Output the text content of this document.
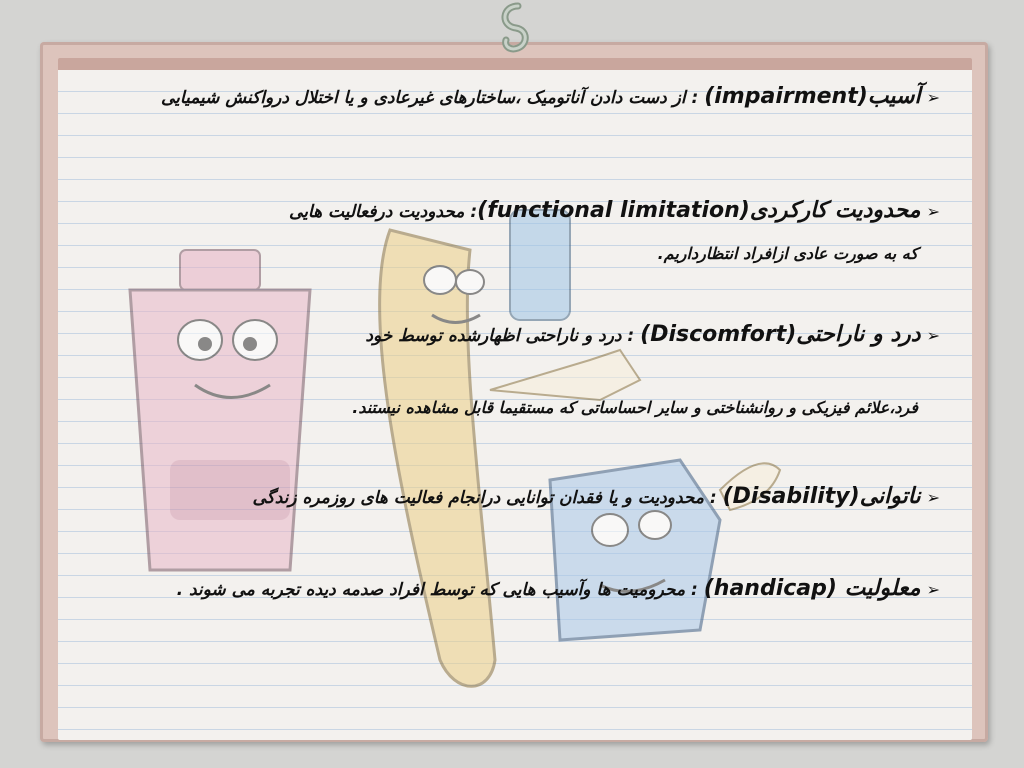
➢آسیب(impairment) : از دست دادن آناتومیک ،ساختارهای غیرعادی و یا اختلال درواکنش شیمیایی
➢محدودیت کارکردی(functional limitation): محدودیت درفعالیت هایی
که به صورت عادی ازافراد انتظارداریم.
➢درد و ناراحتی(Discomfort) : درد و ناراحتی اظهارشده توسط خود
فرد،علائم فیزیکی و روانشناختی و سایر احساساتی که مستقیما قابل مشاهده نیستند.
➢ناتوانی(Disability) : محدودیت و یا فقدان توانایی درانجام فعالیت های روزمره زندگی
➢معلولیت (handicap) : محرومیت ها وآسیب هایی که توسط افراد صدمه دیده تجربه می شوند .
